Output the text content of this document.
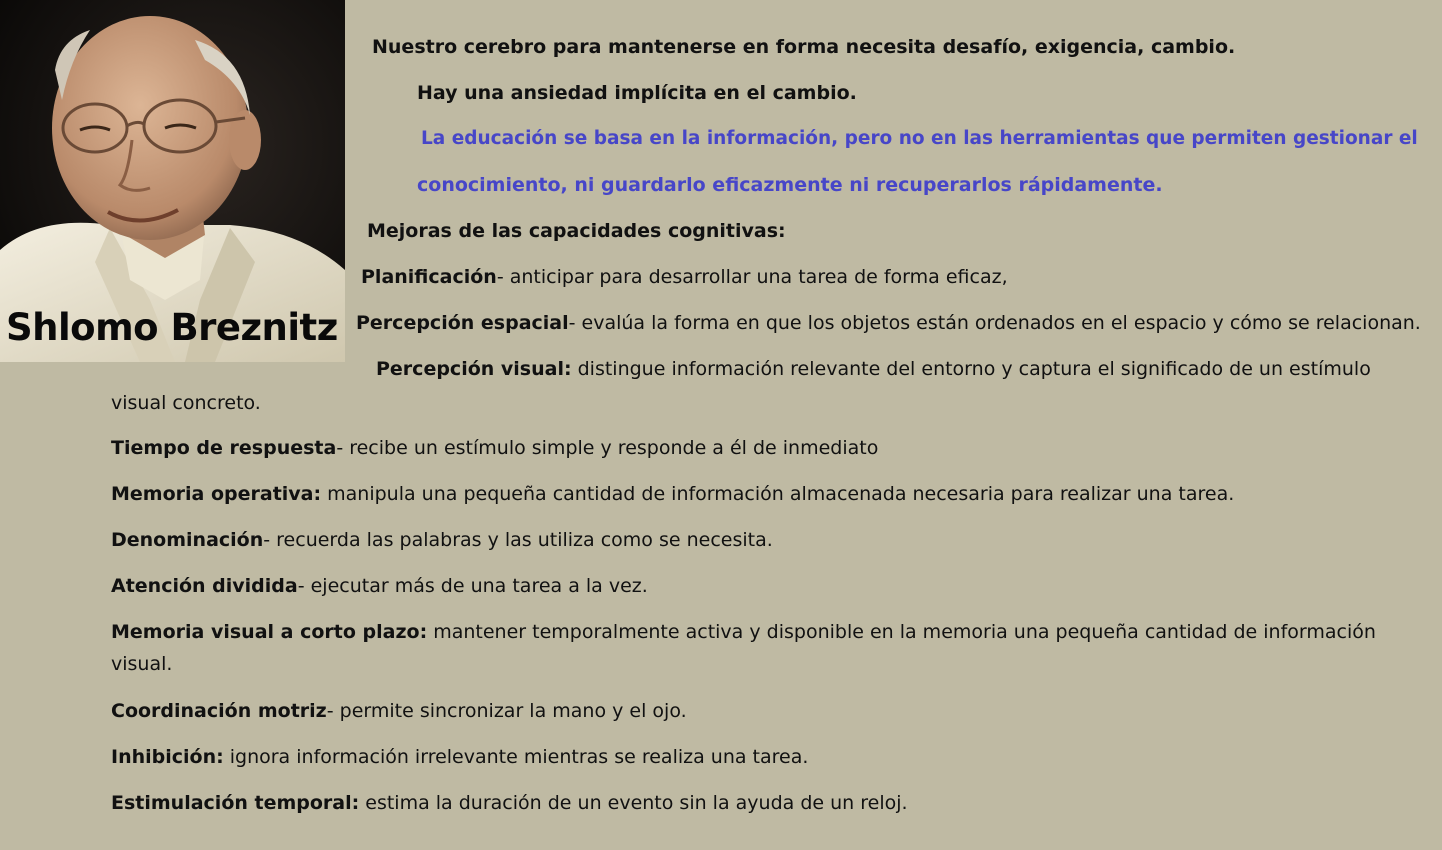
Shlomo Breznitz
Nuestro cerebro para mantenerse en forma necesita desafío, exigencia, cambio.
Hay una ansiedad implícita en el cambio.
La educación se basa en la información, pero no en las herramientas que permiten gestionar el
conocimiento, ni guardarlo eficazmente ni recuperarlos rápidamente.
Mejoras de las capacidades cognitivas:
Planificación- anticipar para desarrollar una tarea de forma eficaz,
Percepción espacial- evalúa la forma en que los objetos están ordenados en el espacio y cómo se relacionan.
Percepción visual: distingue información relevante del entorno y captura el significado de un estímulo
visual concreto.
Tiempo de respuesta- recibe un estímulo simple y responde a él de inmediato
Memoria operativa: manipula una pequeña cantidad de información almacenada necesaria para realizar una tarea.
Denominación- recuerda las palabras y las utiliza como se necesita.
Atención dividida- ejecutar más de una tarea a la vez.
Memoria visual a corto plazo: mantener temporalmente activa y disponible en la memoria una pequeña cantidad de información
visual.
Coordinación motriz- permite sincronizar la mano y el ojo.
Inhibición: ignora información irrelevante mientras se realiza una tarea.
Estimulación temporal: estima la duración de un evento sin la ayuda de un reloj.
